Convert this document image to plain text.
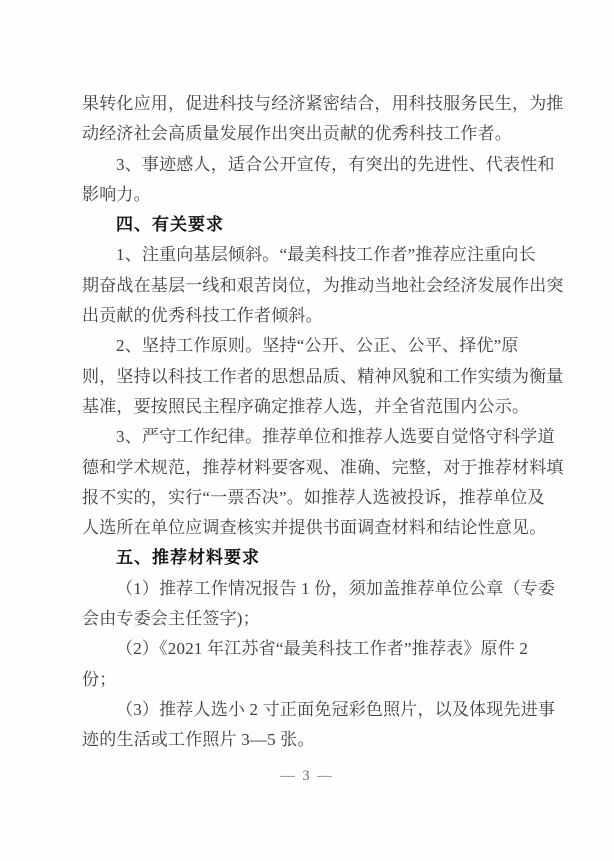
果转化应用，促进科技与经济紧密结合，用科技服务民生，为推
动经济社会高质量发展作出突出贡献的优秀科技工作者。
3、事迹感人，适合公开宣传，有突出的先进性、代表性和
影响力。
四、有关要求
1、注重向基层倾斜。“最美科技工作者”推荐应注重向长
期奋战在基层一线和艰苦岗位，为推动当地社会经济发展作出突
出贡献的优秀科技工作者倾斜。
2、坚持工作原则。坚持“公开、公正、公平、择优”原
则，坚持以科技工作者的思想品质、精神风貌和工作实绩为衡量
基准，要按照民主程序确定推荐人选，并全省范围内公示。
3、严守工作纪律。推荐单位和推荐人选要自觉恪守科学道
德和学术规范，推荐材料要客观、准确、完整，对于推荐材料填
报不实的，实行“一票否决”。如推荐人选被投诉，推荐单位及
人选所在单位应调查核实并提供书面调查材料和结论性意见。
五、推荐材料要求
（1）推荐工作情况报告 1 份，须加盖推荐单位公章（专委
会由专委会主任签字)；
（2）《2021 年江苏省“最美科技工作者”推荐表》原件 2
份；
（3）推荐人选小 2 寸正面免冠彩色照片，以及体现先进事
迹的生活或工作照片 3—5 张。
— 3 —
